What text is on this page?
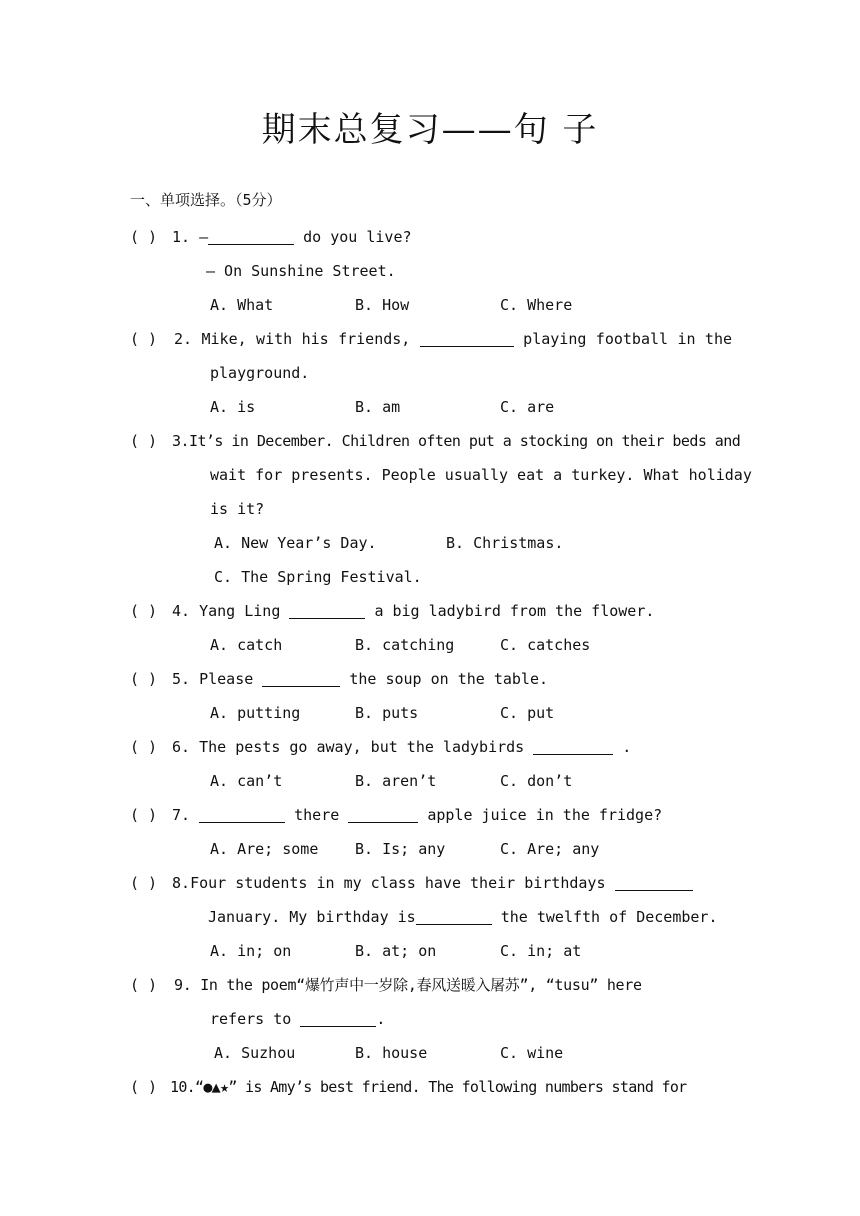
期末总复习——句 子
一、单项选择。（5分）
( ) 1. —	do you live?
— On Sunshine Street.
A. What	B. How	C. Where
( ) 2. Mike, with his friends,	playing football in the
playground.
A. is	B. am	C. are
( ) 3.It’s in December. Children often put a stocking on their beds and
wait for presents. People usually eat a turkey. What holiday
is it?
A. New Year’s Day.	B. Christmas.
C. The Spring Festival.
( ) 4. Yang Ling	a big ladybird from the flower.
A. catch	B. catching	C. catches
( ) 5. Please	the soup on the table.
A. putting	B. puts	C. put
( ) 6. The pests go away, but the ladybirds	.
A. can’t	B. aren’t	C. don’t
( ) 7.	there	apple juice in the fridge?
A. Are; some	B. Is; any	C. Are; any
( ) 8.Four students in my class have their birthdays
January. My birthday is	the twelfth of December.
A. in; on	B. at; on	C. in; at
( ) 9. In the poem“爆竹声中一岁除,春风送暖入屠苏”, “tusu” here
refers to	.
A. Suzhou	B. house	C. wine
( ) 10.“●▲★” is Amy’s best friend. The following numbers stand for
